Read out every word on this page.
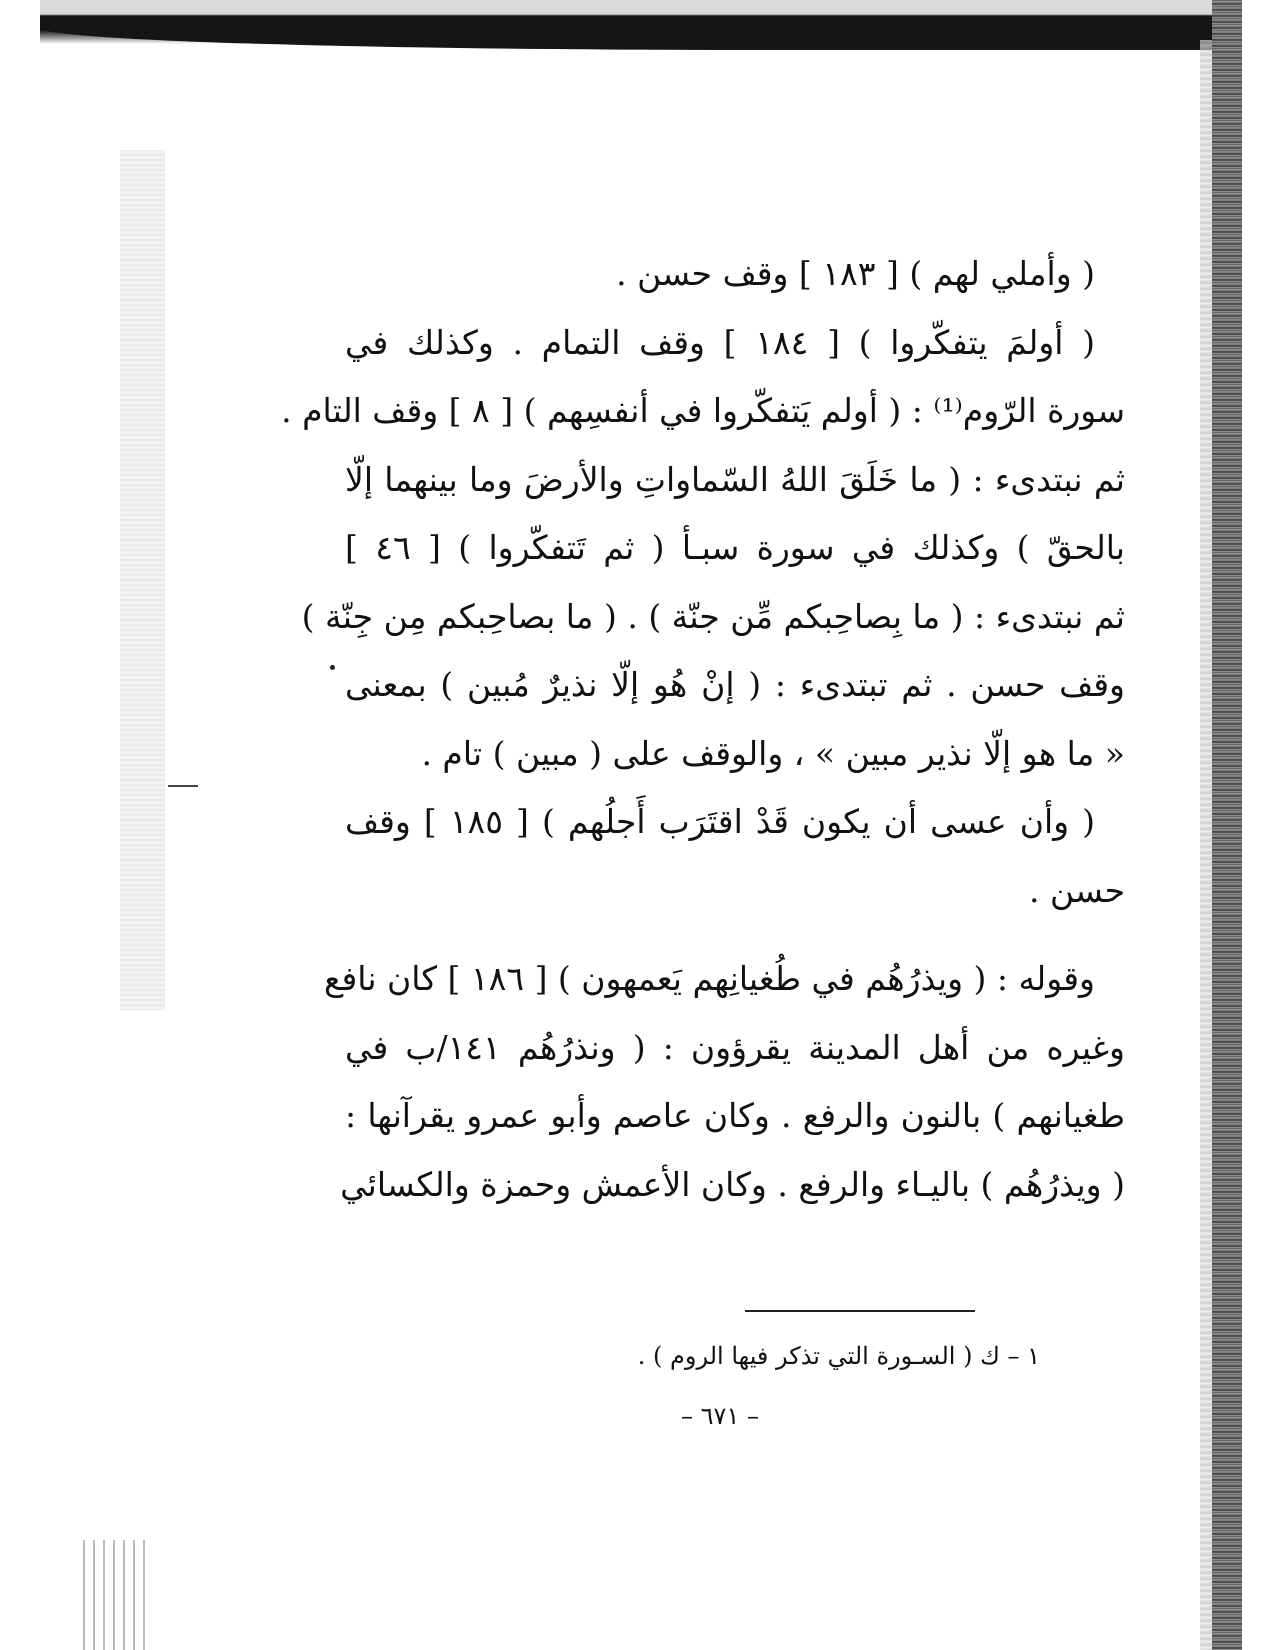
( وأملي لهم ) [ ١٨٣ ] وقف حسن .
( أولمَ يتفكّروا ) [ ١٨٤ ] وقف التمام . وكذلك في
سورة الرّوم⁽¹⁾ : ( أولم يَتفكّروا في أنفسِهم ) [ ٨ ] وقف التام .
ثم نبتدىء : ( ما خَلَقَ اللهُ السّماواتِ والأرضَ وما بينهما إلّا
بالحقّ ) وكذلك في سورة سبـأ ( ثم تَتفكّروا ) [ ٤٦ ]
ثم نبتدىء : ( ما بِصاحِبكم مِّن جنّة ) . ( ما بصاحِبكم مِن جِنّة )
وقف حسن . ثم تبتدىء : ( إنْ هُو إلّا نذيرٌ مُبين ) بمعنى
« ما هو إلّا نذير مبين » ، والوقف على ( مبين ) تام .
( وأن عسى أن يكون قَدْ اقتَرَب أَجلُهم ) [ ١٨٥ ] وقف
حسن .
وقوله : ( ويذرُهُم في طُغيانِهم يَعمهون ) [ ١٨٦ ] كان نافع
وغيره من أهل المدينة يقرؤون : ( ونذرُهُم ١٤١/ب في
طغيانهم ) بالنون والرفع . وكان عاصم وأبو عمرو يقرآنها :
( ويذرُهُم ) باليـاء والرفع . وكان الأعمش وحمزة والكسائي
١ – ك ( السـورة التي تذكر فيها الروم ) .
– ٦٧١ –
